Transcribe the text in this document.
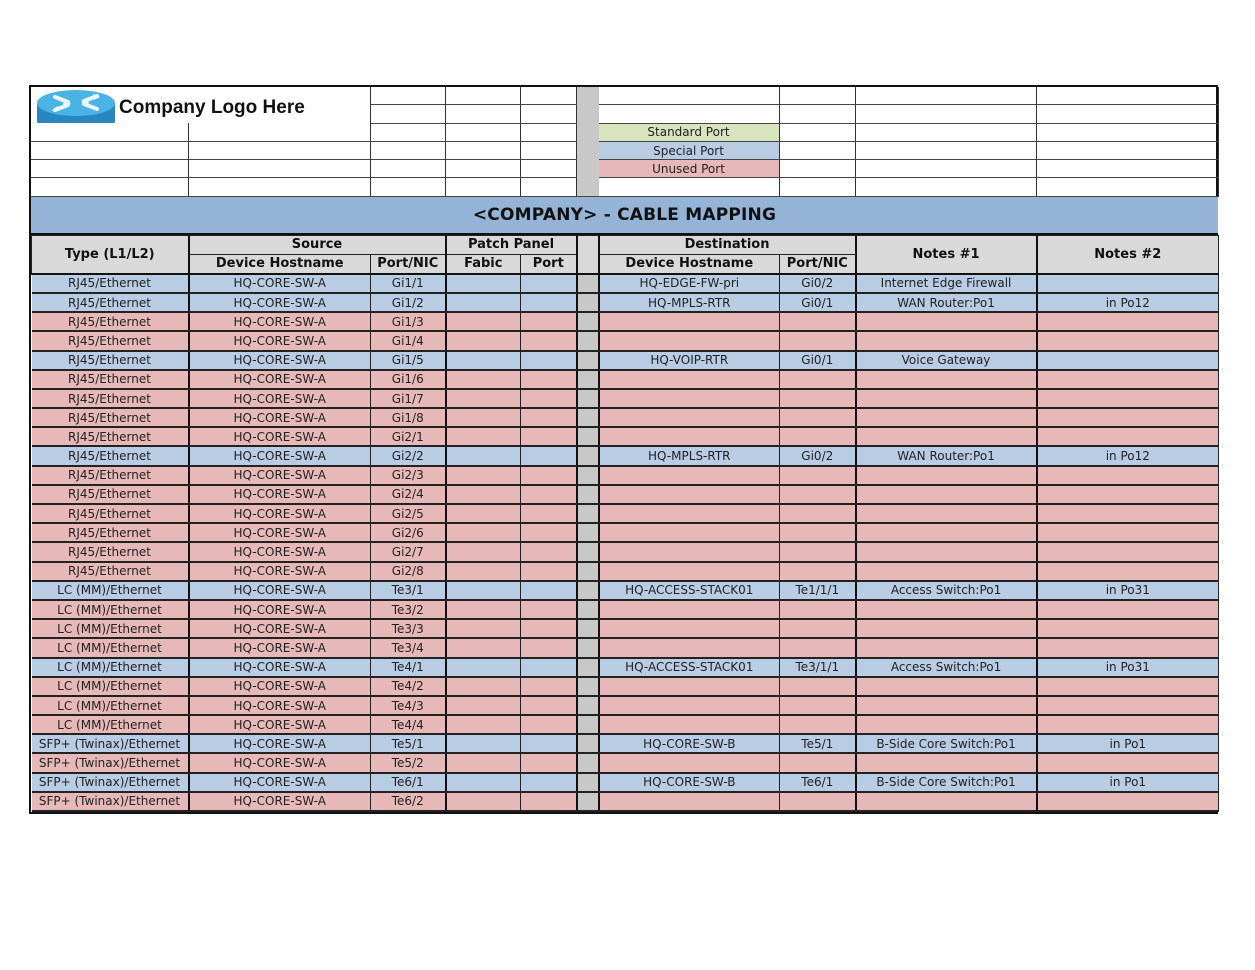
Company Logo Here									

						Standard Port			
						Special Port			
						Unused Port			

<COMPANY> - CABLE MAPPING									
Type (L1/L2)	Source		Patch Panel			Destination		Notes #1	Notes #2
	Device Hostname	Port/NIC	Fabic	Port		Device Hostname	Port/NIC		
RJ45/Ethernet	HQ-CORE-SW-A	Gi1/1				HQ-EDGE-FW-pri	Gi0/2	Internet Edge Firewall	
RJ45/Ethernet	HQ-CORE-SW-A	Gi1/2				HQ-MPLS-RTR	Gi0/1	WAN Router:Po1	in Po12
RJ45/Ethernet	HQ-CORE-SW-A	Gi1/3							
RJ45/Ethernet	HQ-CORE-SW-A	Gi1/4							
RJ45/Ethernet	HQ-CORE-SW-A	Gi1/5				HQ-VOIP-RTR	Gi0/1	Voice Gateway	
RJ45/Ethernet	HQ-CORE-SW-A	Gi1/6							
RJ45/Ethernet	HQ-CORE-SW-A	Gi1/7							
RJ45/Ethernet	HQ-CORE-SW-A	Gi1/8							
RJ45/Ethernet	HQ-CORE-SW-A	Gi2/1							
RJ45/Ethernet	HQ-CORE-SW-A	Gi2/2				HQ-MPLS-RTR	Gi0/2	WAN Router:Po1	in Po12
RJ45/Ethernet	HQ-CORE-SW-A	Gi2/3							
RJ45/Ethernet	HQ-CORE-SW-A	Gi2/4							
RJ45/Ethernet	HQ-CORE-SW-A	Gi2/5							
RJ45/Ethernet	HQ-CORE-SW-A	Gi2/6							
RJ45/Ethernet	HQ-CORE-SW-A	Gi2/7							
RJ45/Ethernet	HQ-CORE-SW-A	Gi2/8							
LC (MM)/Ethernet	HQ-CORE-SW-A	Te3/1				HQ-ACCESS-STACK01	Te1/1/1	Access Switch:Po1	in Po31
LC (MM)/Ethernet	HQ-CORE-SW-A	Te3/2							
LC (MM)/Ethernet	HQ-CORE-SW-A	Te3/3							
LC (MM)/Ethernet	HQ-CORE-SW-A	Te3/4							
LC (MM)/Ethernet	HQ-CORE-SW-A	Te4/1				HQ-ACCESS-STACK01	Te3/1/1	Access Switch:Po1	in Po31
LC (MM)/Ethernet	HQ-CORE-SW-A	Te4/2							
LC (MM)/Ethernet	HQ-CORE-SW-A	Te4/3							
LC (MM)/Ethernet	HQ-CORE-SW-A	Te4/4							
SFP+ (Twinax)/Ethernet	HQ-CORE-SW-A	Te5/1				HQ-CORE-SW-B	Te5/1	B-Side Core Switch:Po1	in Po1
SFP+ (Twinax)/Ethernet	HQ-CORE-SW-A	Te5/2							
SFP+ (Twinax)/Ethernet	HQ-CORE-SW-A	Te6/1				HQ-CORE-SW-B	Te6/1	B-Side Core Switch:Po1	in Po1
SFP+ (Twinax)/Ethernet	HQ-CORE-SW-A	Te6/2							
